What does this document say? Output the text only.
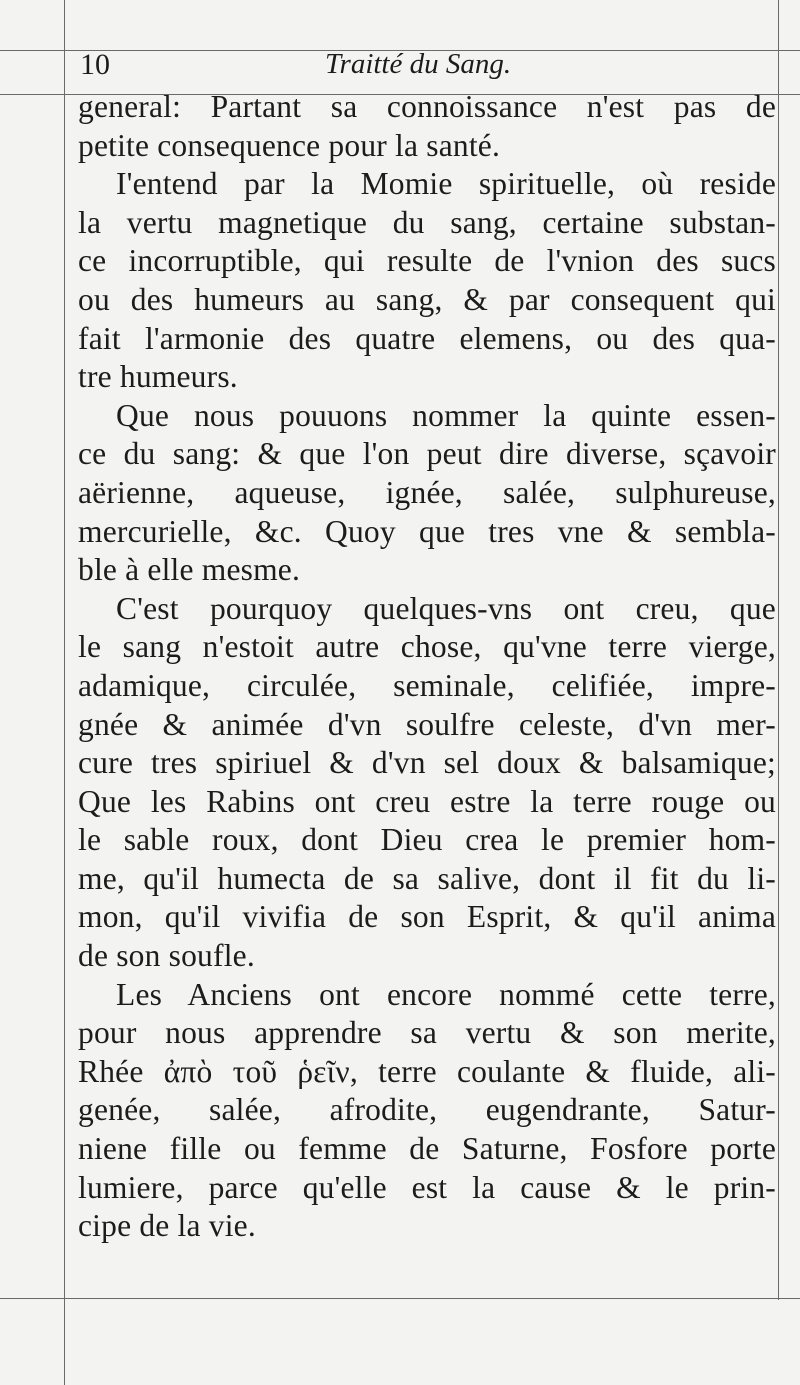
10	Traitté du Sang.

general: Partant sa connoissance n'est pas de
petite consequence pour la santé.

I'entend par la Momie spirituelle, où reside
la vertu magnetique du sang, certaine substan-
ce incorruptible, qui resulte de l'vnion des sucs
ou des humeurs au sang, & par consequent qui
fait l'armonie des quatre elemens, ou des qua-
tre humeurs.

Que nous pouuons nommer la quinte essen-
ce du sang: & que l'on peut dire diverse, sçavoir
aërienne, aqueuse, ignée, salée, sulphureuse,
mercurielle, &c. Quoy que tres vne & sembla-
ble à elle mesme.

C'est pourquoy quelques-vns ont creu, que
le sang n'estoit autre chose, qu'vne terre vierge,
adamique, circulée, seminale, celifiée, impre-
gnée & animée d'vn soulfre celeste, d'vn mer-
cure tres spiriuel & d'vn sel doux & balsamique;
Que les Rabins ont creu estre la terre rouge ou
le sable roux, dont Dieu crea le premier hom-
me, qu'il humecta de sa salive, dont il fit du li-
mon, qu'il vivifia de son Esprit, & qu'il anima
de son soufle.

Les Anciens ont encore nommé cette terre,
pour nous apprendre sa vertu & son merite,
Rhée ἀπὸ τοῦ ῥεῖν, terre coulante & fluide, ali-
genée, salée, afrodite, eugendrante, Satur-
niene fille ou femme de Saturne, Fosfore porte
lumiere, parce qu'elle est la cause & le prin-
cipe de la vie.
